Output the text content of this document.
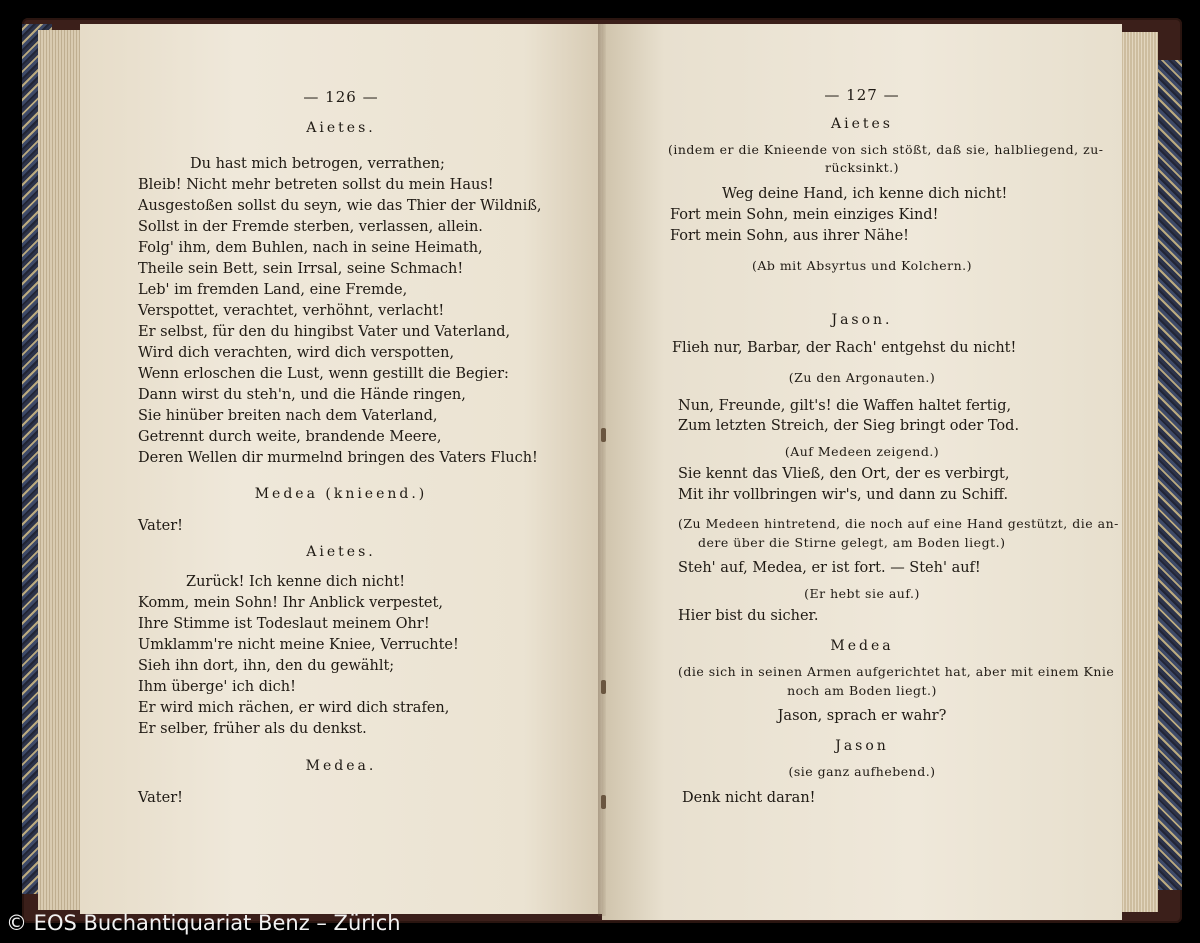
— 126 —
Aietes.
Du hast mich betrogen, verrathen;
Bleib! Nicht mehr betreten sollst du mein Haus!
Ausgestoßen sollst du seyn, wie das Thier der Wildniß,
Sollst in der Fremde sterben, verlassen, allein.
Folg' ihm, dem Buhlen, nach in seine Heimath,
Theile sein Bett, sein Irrsal, seine Schmach!
Leb' im fremden Land, eine Fremde,
Verspottet, verachtet, verhöhnt, verlacht!
Er selbst, für den du hingibst Vater und Vaterland,
Wird dich verachten, wird dich verspotten,
Wenn erloschen die Lust, wenn gestillt die Begier:
Dann wirst du steh'n, und die Hände ringen,
Sie hinüber breiten nach dem Vaterland,
Getrennt durch weite, brandende Meere,
Deren Wellen dir murmelnd bringen des Vaters Fluch!
Medea (knieend.)
Vater!
Aietes.
Zurück! Ich kenne dich nicht!
Komm, mein Sohn! Ihr Anblick verpestet,
Ihre Stimme ist Todeslaut meinem Ohr!
Umklamm're nicht meine Kniee, Verruchte!
Sieh ihn dort, ihn, den du gewählt;
Ihm überge' ich dich!
Er wird mich rächen, er wird dich strafen,
Er selber, früher als du denkst.
Medea.
Vater!
— 127 —
Aietes
(indem er die Knieende von sich stößt, daß sie, halbliegend, zu-
rücksinkt.)
Weg deine Hand, ich kenne dich nicht!
Fort mein Sohn, mein einziges Kind!
Fort mein Sohn, aus ihrer Nähe!
(Ab mit Absyrtus und Kolchern.)
Jason.
Flieh nur, Barbar, der Rach' entgehst du nicht!
(Zu den Argonauten.)
Nun, Freunde, gilt's! die Waffen haltet fertig,
Zum letzten Streich, der Sieg bringt oder Tod.
(Auf Medeen zeigend.)
Sie kennt das Vließ, den Ort, der es verbirgt,
Mit ihr vollbringen wir's, und dann zu Schiff.
(Zu Medeen hintretend, die noch auf eine Hand gestützt, die an-
dere über die Stirne gelegt, am Boden liegt.)
Steh' auf, Medea, er ist fort. — Steh' auf!
(Er hebt sie auf.)
Hier bist du sicher.
Medea
(die sich in seinen Armen aufgerichtet hat, aber mit einem Knie
noch am Boden liegt.)
Jason, sprach er wahr?
Jason
(sie ganz aufhebend.)
Denk nicht daran!
© EOS Buchantiquariat Benz – Zürich
